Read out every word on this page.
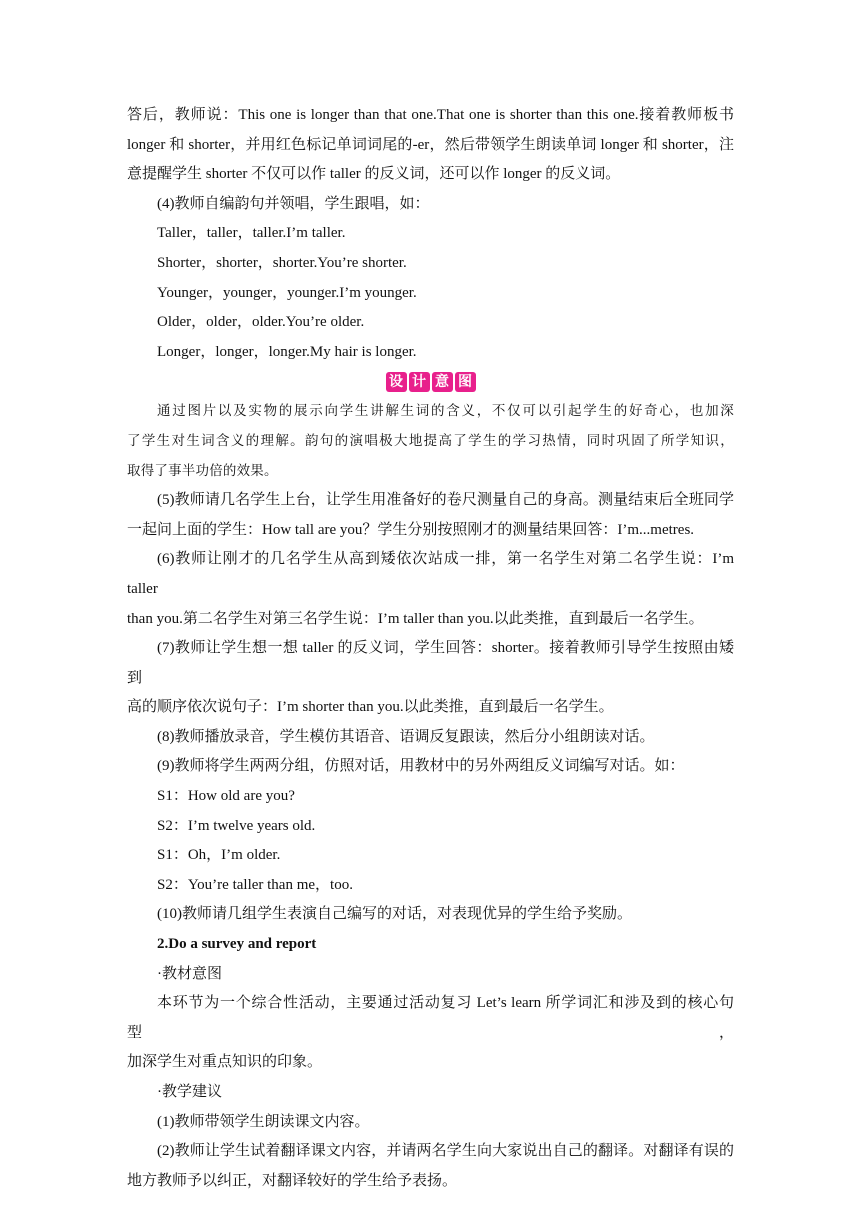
答后，教师说：This one is longer than that one.That one is shorter than this one.接着教师板书

longer 和 shorter，并用红色标记单词词尾的-er，然后带领学生朗读单词 longer 和 shorter，注

意提醒学生 shorter 不仅可以作 taller 的反义词，还可以作 longer 的反义词。

(4)教师自编韵句并领唱，学生跟唱，如：

Taller，taller，taller.I’m taller.

Shorter，shorter，shorter.You’re shorter.

Younger，younger，younger.I’m younger.

Older，older，older.You’re older.

Longer，longer，longer.My hair is longer.

设 计 意 图

通过图片以及实物的展示向学生讲解生词的含义，不仅可以引起学生的好奇心，也加深

了学生对生词含义的理解。韵句的演唱极大地提高了学生的学习热情，同时巩固了所学知识，

取得了事半功倍的效果。

(5)教师请几名学生上台，让学生用准备好的卷尺测量自己的身高。测量结束后全班同学

一起问上面的学生：How tall are you？学生分别按照刚才的测量结果回答：I’m...metres.

(6)教师让刚才的几名学生从高到矮依次站成一排，第一名学生对第二名学生说：I’m taller

than you.第二名学生对第三名学生说：I’m taller than you.以此类推，直到最后一名学生。

(7)教师让学生想一想 taller 的反义词，学生回答：shorter。接着教师引导学生按照由矮到

高的顺序依次说句子：I’m shorter than you.以此类推，直到最后一名学生。

(8)教师播放录音，学生模仿其语音、语调反复跟读，然后分小组朗读对话。

(9)教师将学生两两分组，仿照对话，用教材中的另外两组反义词编写对话。如：

S1：How old are you?

S2：I’m twelve years old.

S1：Oh，I’m older.

S2：You’re taller than me，too.

(10)教师请几组学生表演自己编写的对话，对表现优异的学生给予奖励。

2.Do a survey and report

·教材意图

本环节为一个综合性活动，主要通过活动复习 Let’s learn 所学词汇和涉及到的核心句型，

加深学生对重点知识的印象。

·教学建议

(1)教师带领学生朗读课文内容。

(2)教师让学生试着翻译课文内容，并请两名学生向大家说出自己的翻译。对翻译有误的

地方教师予以纠正，对翻译较好的学生给予表扬。
